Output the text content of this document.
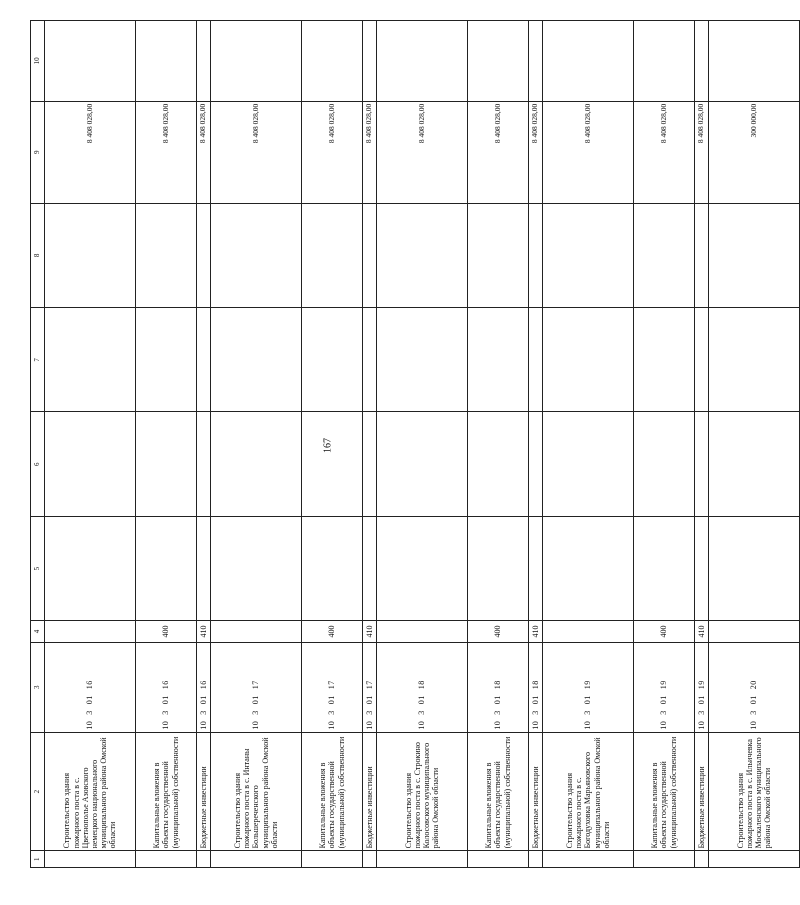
167
1	2	3	4	5	6	7	8	9	10
	Строительство здания пожарного поста в с. Цветнополье Азовского немецкого национального муниципального района Омской области	1030116						8 408 028,00	
	Капитальные вложения в объекты государственной (муниципальной) собственности	1030116	400					8 408 028,00	
	Бюджетные инвестиции	1030116	410					8 408 028,00	
	Строительство здания пожарного поста в с. Интаны Большереченского муниципального района Омской области	1030117						8 408 028,00	
	Капитальные вложения в объекты государственной (муниципальной) собственности	1030117	400					8 408 028,00	
	Бюджетные инвестиции	1030117	410					8 408 028,00	
	Строительство здания пожарного поста в с. Строкино Колосовского муниципального района Омской области	1030118						8 408 028,00	
	Капитальные вложения в объекты государственной (муниципальной) собственности	1030118	400					8 408 028,00	
	Бюджетные инвестиции	1030118	410					8 408 028,00	
	Строительство здания пожарного поста в с. Богодуховка Марьяновского муниципального района Омской области	1030119						8 408 028,00	
	Капитальные вложения в объекты государственной (муниципальной) собственности	1030119	400					8 408 028,00	
	Бюджетные инвестиции	1030119	410					8 408 028,00	
	Строительство здания пожарного поста в с. Ильичевка Москаленского муниципального района Омской области	1030120						300 000,00	
